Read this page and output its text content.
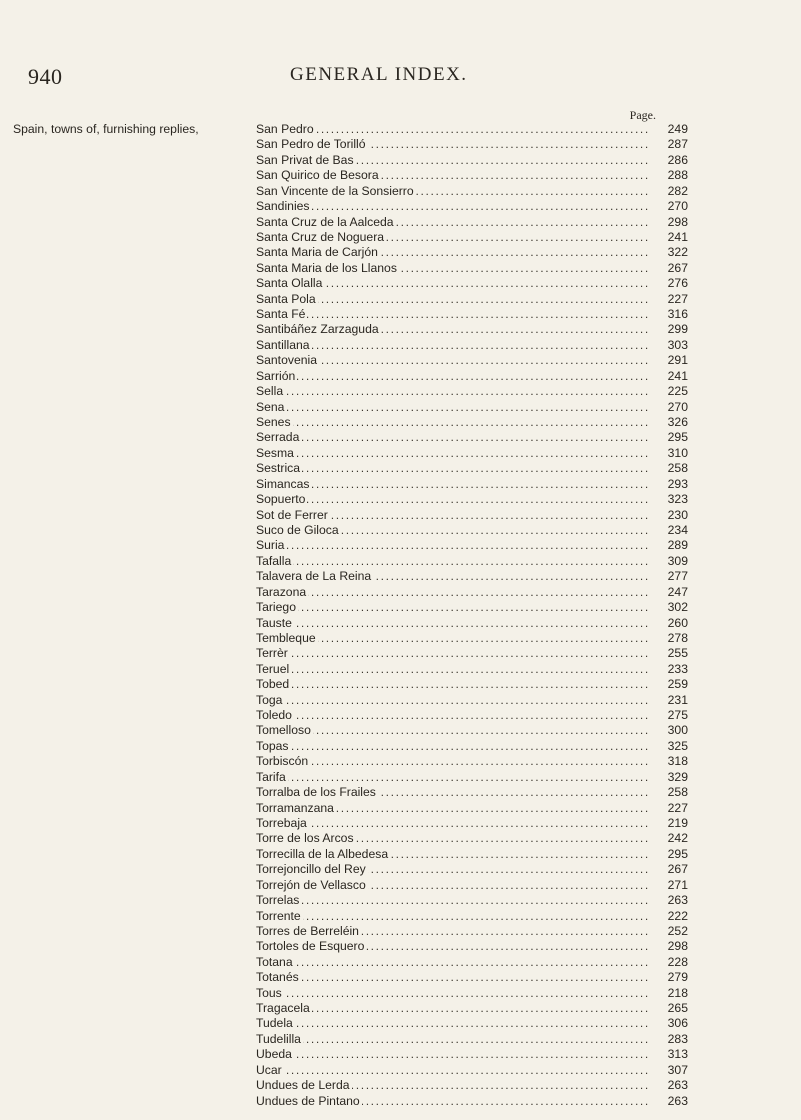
940	GENERAL INDEX.
Page.
Spain, towns of, furnishing replies, .....	San Pedro	249
.....
San Pedro de Torilló	287
.....
San Privat de Bas	286
.....
San Quirico de Besora	288
.....
San Vincente de la Sonsierro	282
.....
Sandinies	270
.....
Santa Cruz de la Aalceda	298
.....
Santa Cruz de Noguera	241
.....
Santa Maria de Carjón	322
.....
Santa Maria de los Llanos	267
.....
Santa Olalla	276
.....
Santa Pola	227
.....
Santa Fé	316
.....
Santibáñez Zarzaguda	299
.....
Santillana	303
.....
Santovenia	291
.....
Sarrión	241
.....
Sella	225
.....
Sena	270
.....
Senes	326
.....
Serrada	295
.....
Sesma	310
.....
Sestrica	258
.....
Simancas	293
.....
Sopuerto	323
.....
Sot de Ferrer	230
.....
Suco de Giloca	234
.....
Suria	289
.....
Tafalla	309
.....
Talavera de La Reina	277
.....
Tarazona	247
.....
Tariego	302
.....
Tauste	260
.....
Tembleque	278
.....
Terrèr	255
.....
Teruel	233
.....
Tobed	259
.....
Toga	231
.....
Toledo	275
.....
Tomelloso	300
.....
Topas	325
.....
Torbiscón	318
.....
Tarifa	329
.....
Torralba de los Frailes	258
.....
Torramanzana	227
.....
Torrebaja	219
.....
Torre de los Arcos	242
.....
Torrecilla de la Albedesa	295
.....
Torrejoncillo del Rey	267
.....
Torrejón de Vellasco	271
.....
Torrelas	263
.....
Torrente	222
.....
Torres de Berreléin	252
.....
Tortoles de Esquero	298
.....
Totana	228
.....
Totanés	279
.....
Tous	218
.....
Tragacela	265
.....
Tudela	306
.....
Tudelilla	283
.....
Ubeda	313
.....
Ucar	307
.....
Undues de Lerda	263
.....
Undues de Pintano	263
